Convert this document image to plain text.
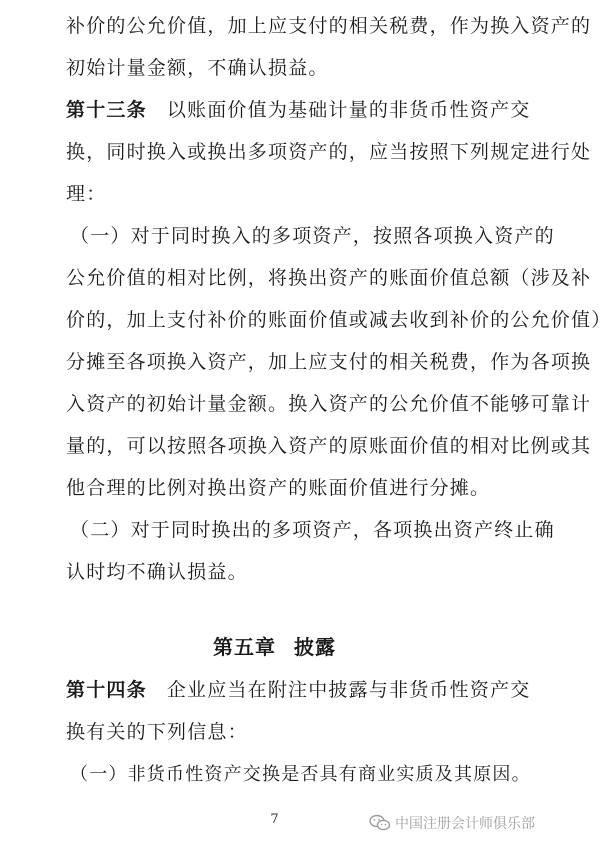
补价的公允价值，加上应支付的相关税费，作为换入资产的
初始计量金额，不确认损益。
第十三条 以账面价值为基础计量的非货币性资产交
换，同时换入或换出多项资产的，应当按照下列规定进行处
理：
（一）对于同时换入的多项资产，按照各项换入资产的
公允价值的相对比例，将换出资产的账面价值总额（涉及补
价的，加上支付补价的账面价值或减去收到补价的公允价值）
分摊至各项换入资产，加上应支付的相关税费，作为各项换
入资产的初始计量金额。换入资产的公允价值不能够可靠计
量的，可以按照各项换入资产的原账面价值的相对比例或其
他合理的比例对换出资产的账面价值进行分摊。
（二）对于同时换出的多项资产，各项换出资产终止确
认时均不确认损益。
第五章 披露
第十四条 企业应当在附注中披露与非货币性资产交
换有关的下列信息：
（一）非货币性资产交换是否具有商业实质及其原因。
7	中国注册会计师俱乐部
